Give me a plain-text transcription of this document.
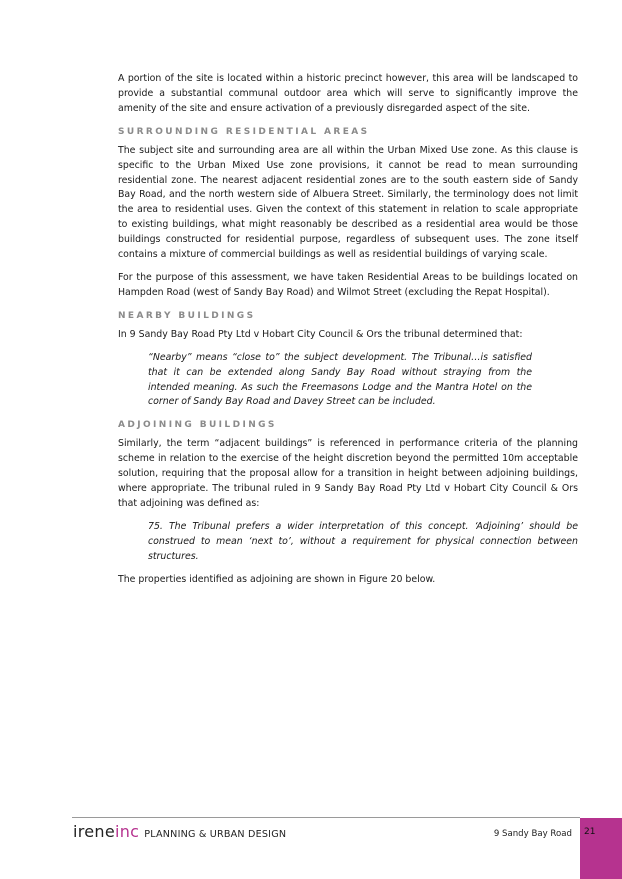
A portion of the site is located within a historic precinct however, this area will be landscaped to provide a substantial communal outdoor area which will serve to significantly improve the amenity of the site and ensure activation of a previously disregarded aspect of the site.

SURROUNDING RESIDENTIAL AREAS

The subject site and surrounding area are all within the Urban Mixed Use zone. As this clause is specific to the Urban Mixed Use zone provisions, it cannot be read to mean surrounding residential zone. The nearest adjacent residential zones are to the south eastern side of Sandy Bay Road, and the north western side of Albuera Street. Similarly, the terminology does not limit the area to residential uses. Given the context of this statement in relation to scale appropriate to existing buildings, what might reasonably be described as a residential area would be those buildings constructed for residential purpose, regardless of subsequent uses. The zone itself contains a mixture of commercial buildings as well as residential buildings of varying scale.

For the purpose of this assessment, we have taken Residential Areas to be buildings located on Hampden Road (west of Sandy Bay Road) and Wilmot Street (excluding the Repat Hospital).

NEARBY BUILDINGS

In 9 Sandy Bay Road Pty Ltd v Hobart City Council & Ors the tribunal determined that:

“Nearby” means “close to” the subject development. The Tribunal…is satisfied that it can be extended along Sandy Bay Road without straying from the intended meaning. As such the Freemasons Lodge and the Mantra Hotel on the corner of Sandy Bay Road and Davey Street can be included.

ADJOINING BUILDINGS

Similarly, the term “adjacent buildings” is referenced in performance criteria of the planning scheme in relation to the exercise of the height discretion beyond the permitted 10m acceptable solution, requiring that the proposal allow for a transition in height between adjoining buildings, where appropriate. The tribunal ruled in 9 Sandy Bay Road Pty Ltd v Hobart City Council & Ors that adjoining was defined as:

75. The Tribunal prefers a wider interpretation of this concept. ‘Adjoining’ should be construed to mean ‘next to’, without a requirement for physical connection between structures.

The properties identified as adjoining are shown in Figure 20 below.

ireneinc PLANNING & URBAN DESIGN	9 Sandy Bay Road 21
